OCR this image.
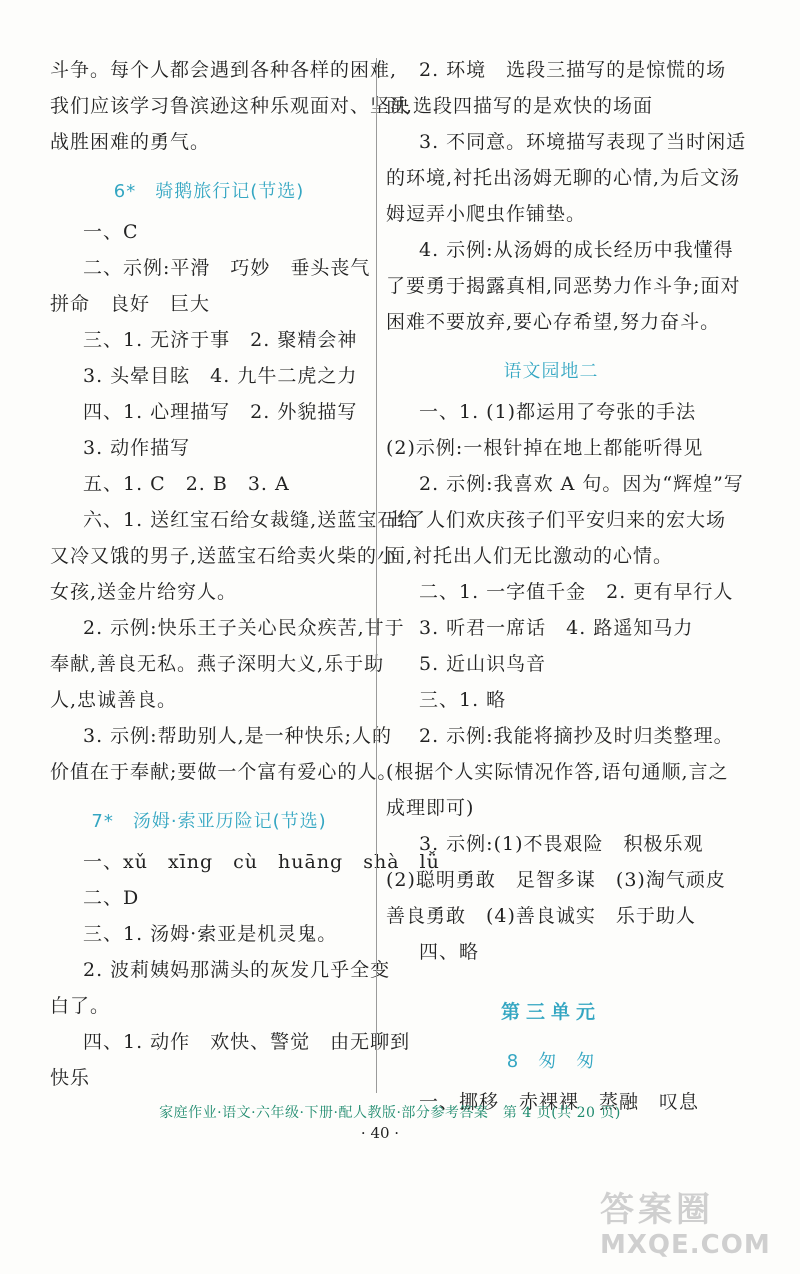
斗争。每个人都会遇到各种各样的困难,
我们应该学习鲁滨逊这种乐观面对、坚决
战胜困难的勇气。
6*　骑鹅旅行记(节选)
一、C
二、示例:平滑　巧妙　垂头丧气
拼命　良好　巨大
三、1. 无济于事　2. 聚精会神
3. 头晕目眩　4. 九牛二虎之力
四、1. 心理描写　2. 外貌描写
3. 动作描写
五、1. C　2. B　3. A
六、1. 送红宝石给女裁缝,送蓝宝石给
又冷又饿的男子,送蓝宝石给卖火柴的小
女孩,送金片给穷人。
2. 示例:快乐王子关心民众疾苦,甘于
奉献,善良无私。燕子深明大义,乐于助
人,忠诚善良。
3. 示例:帮助别人,是一种快乐;人的
价值在于奉献;要做一个富有爱心的人。
7*　汤姆·索亚历险记(节选)
一、xǔ　xīng　cù　huāng　shà　lǚ
二、D
三、1. 汤姆·索亚是机灵鬼。
2. 波莉姨妈那满头的灰发几乎全变
白了。
四、1. 动作　欢快、警觉　由无聊到
快乐
2. 环境　选段三描写的是惊慌的场
面,选段四描写的是欢快的场面
3. 不同意。环境描写表现了当时闲适
的环境,衬托出汤姆无聊的心情,为后文汤
姆逗弄小爬虫作铺垫。
4. 示例:从汤姆的成长经历中我懂得
了要勇于揭露真相,同恶势力作斗争;面对
困难不要放弃,要心存希望,努力奋斗。
语文园地二
一、1. (1)都运用了夸张的手法
(2)示例:一根针掉在地上都能听得见
2. 示例:我喜欢 A 句。因为“辉煌”写
出了人们欢庆孩子们平安归来的宏大场
面,衬托出人们无比激动的心情。
二、1. 一字值千金　2. 更有早行人
3. 听君一席话　4. 路遥知马力
5. 近山识鸟音
三、1. 略
2. 示例:我能将摘抄及时归类整理。
(根据个人实际情况作答,语句通顺,言之
成理即可)
3. 示例:(1)不畏艰险　积极乐观
(2)聪明勇敢　足智多谋　(3)淘气顽皮
善良勇敢　(4)善良诚实　乐于助人
四、略
第三单元
8　匆　匆
一、挪移　赤裸裸　蒸融　叹息
家庭作业·语文·六年级·下册·配人教版·部分参考答案　第 4 页(共 20 页)
· 40 ·
答案圈
MXQE.COM
